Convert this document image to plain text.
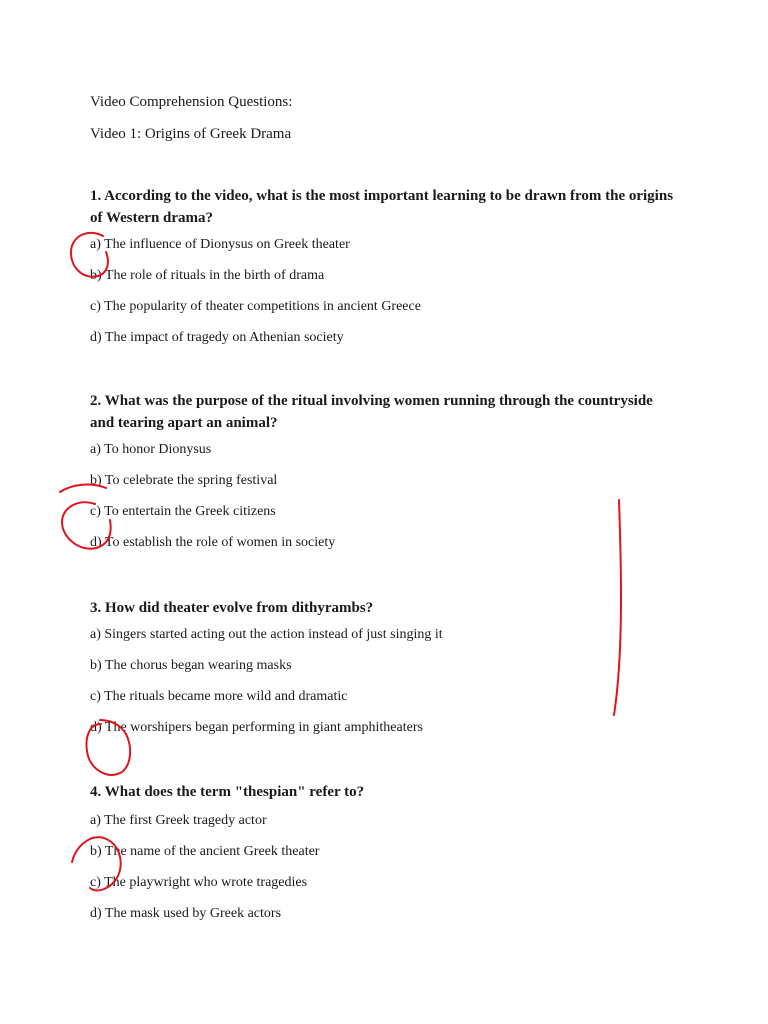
Video Comprehension Questions:
Video 1: Origins of Greek Drama
1. According to the video, what is the most important learning to be drawn from the origins of Western drama?
a) The influence of Dionysus on Greek theater
b) The role of rituals in the birth of drama
c) The popularity of theater competitions in ancient Greece
d) The impact of tragedy on Athenian society
2. What was the purpose of the ritual involving women running through the countryside and tearing apart an animal?
a) To honor Dionysus
b) To celebrate the spring festival
c) To entertain the Greek citizens
d) To establish the role of women in society
3. How did theater evolve from dithyrambs?
a) Singers started acting out the action instead of just singing it
b) The chorus began wearing masks
c) The rituals became more wild and dramatic
d) The worshipers began performing in giant amphitheaters
4. What does the term "thespian" refer to?
a) The first Greek tragedy actor
b) The name of the ancient Greek theater
c) The playwright who wrote tragedies
d) The mask used by Greek actors
